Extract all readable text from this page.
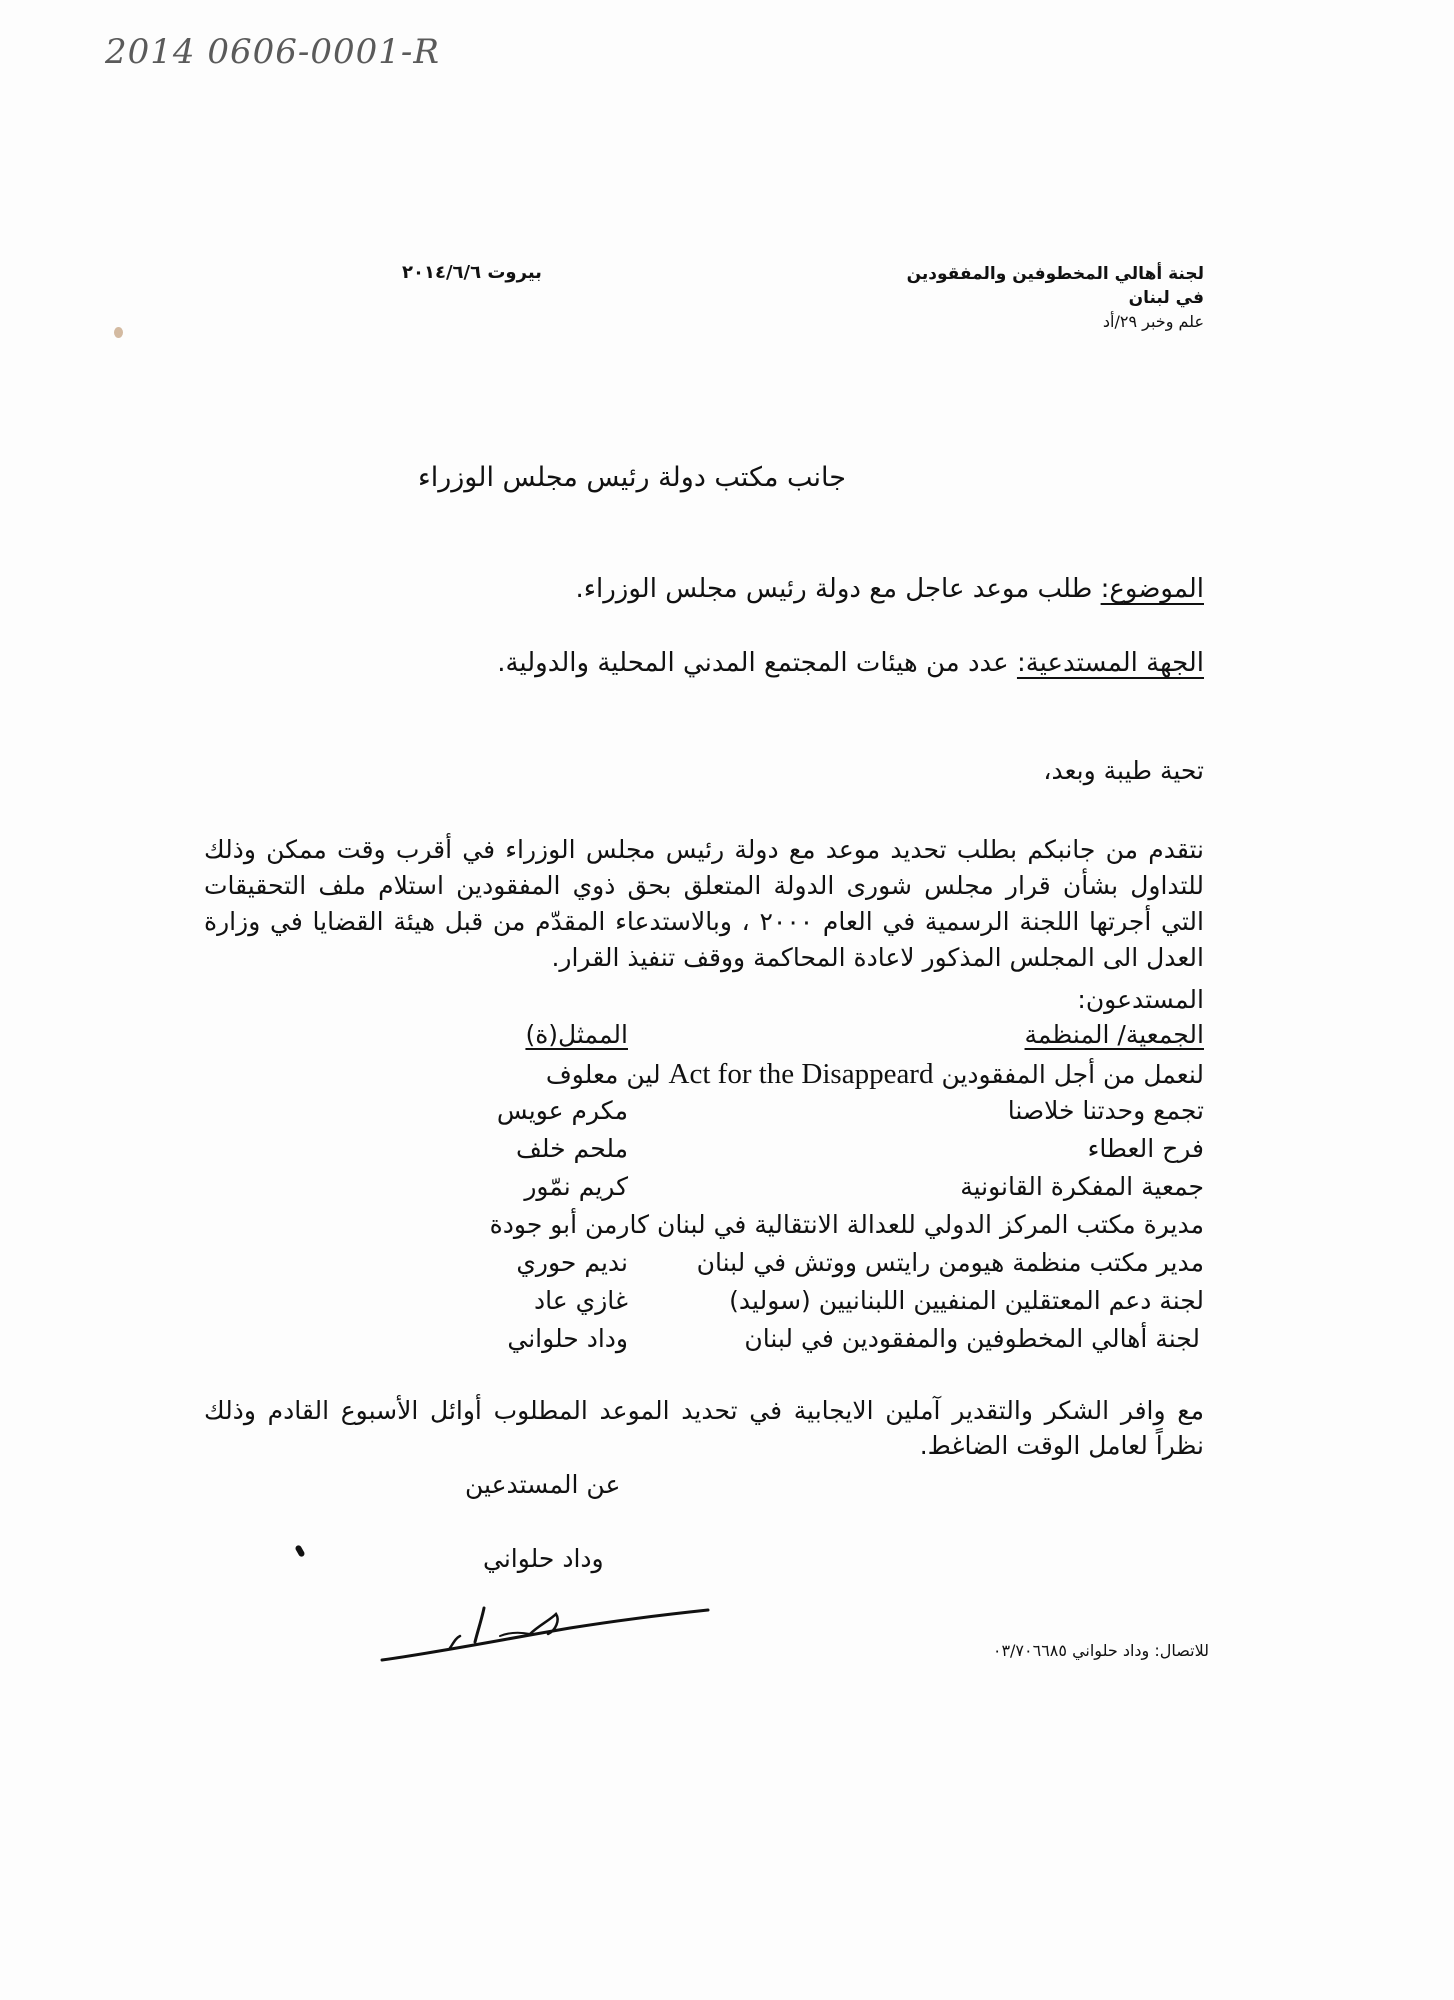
2014 0606-0001-R
لجنة أهالي المخطوفين والمفقودين
في لبنان
علم وخبر ٢٩/أد
بيروت ٢٠١٤/٦/٦
جانب مكتب دولة رئيس مجلس الوزراء
الموضوع: طلب موعد عاجل مع دولة رئيس مجلس الوزراء.
الجهة المستدعية: عدد من هيئات المجتمع المدني المحلية والدولية.
تحية طيبة وبعد،
نتقدم من جانبكم بطلب تحديد موعد مع دولة رئيس مجلس الوزراء في أقرب وقت ممكن وذلك للتداول بشأن قرار مجلس شورى الدولة المتعلق بحق ذوي المفقودين استلام ملف التحقيقات التي أجرتها اللجنة الرسمية في العام ٢٠٠٠ ، وبالاستدعاء المقدّم من قبل هيئة القضايا في وزارة العدل الى المجلس المذكور لاعادة المحاكمة ووقف تنفيذ القرار.
المستدعون:
الجمعية/ المنظمة
الممثل(ة)
لنعمل من أجل المفقودين Act for the Disappeard لين معلوف
تجمع وحدتنا خلاصنا
مكرم عويس
فرح العطاء
ملحم خلف
جمعية المفكرة القانونية
كريم نمّور
مديرة مكتب المركز الدولي للعدالة الانتقالية في لبنان كارمن أبو جودة
مدير مكتب منظمة هيومن رايتس ووتش في لبنان
نديم حوري
لجنة دعم المعتقلين المنفيين اللبنانيين (سوليد)
غازي عاد
لجنة أهالي المخطوفين والمفقودين في لبنان
وداد حلواني
مع وافر الشكر والتقدير آملين الايجابية في تحديد الموعد المطلوب أوائل الأسبوع القادم وذلك نظراً لعامل الوقت الضاغط.
عن المستدعين
وداد حلواني
للاتصال: وداد حلواني ٠٣/٧٠٦٦٨٥
